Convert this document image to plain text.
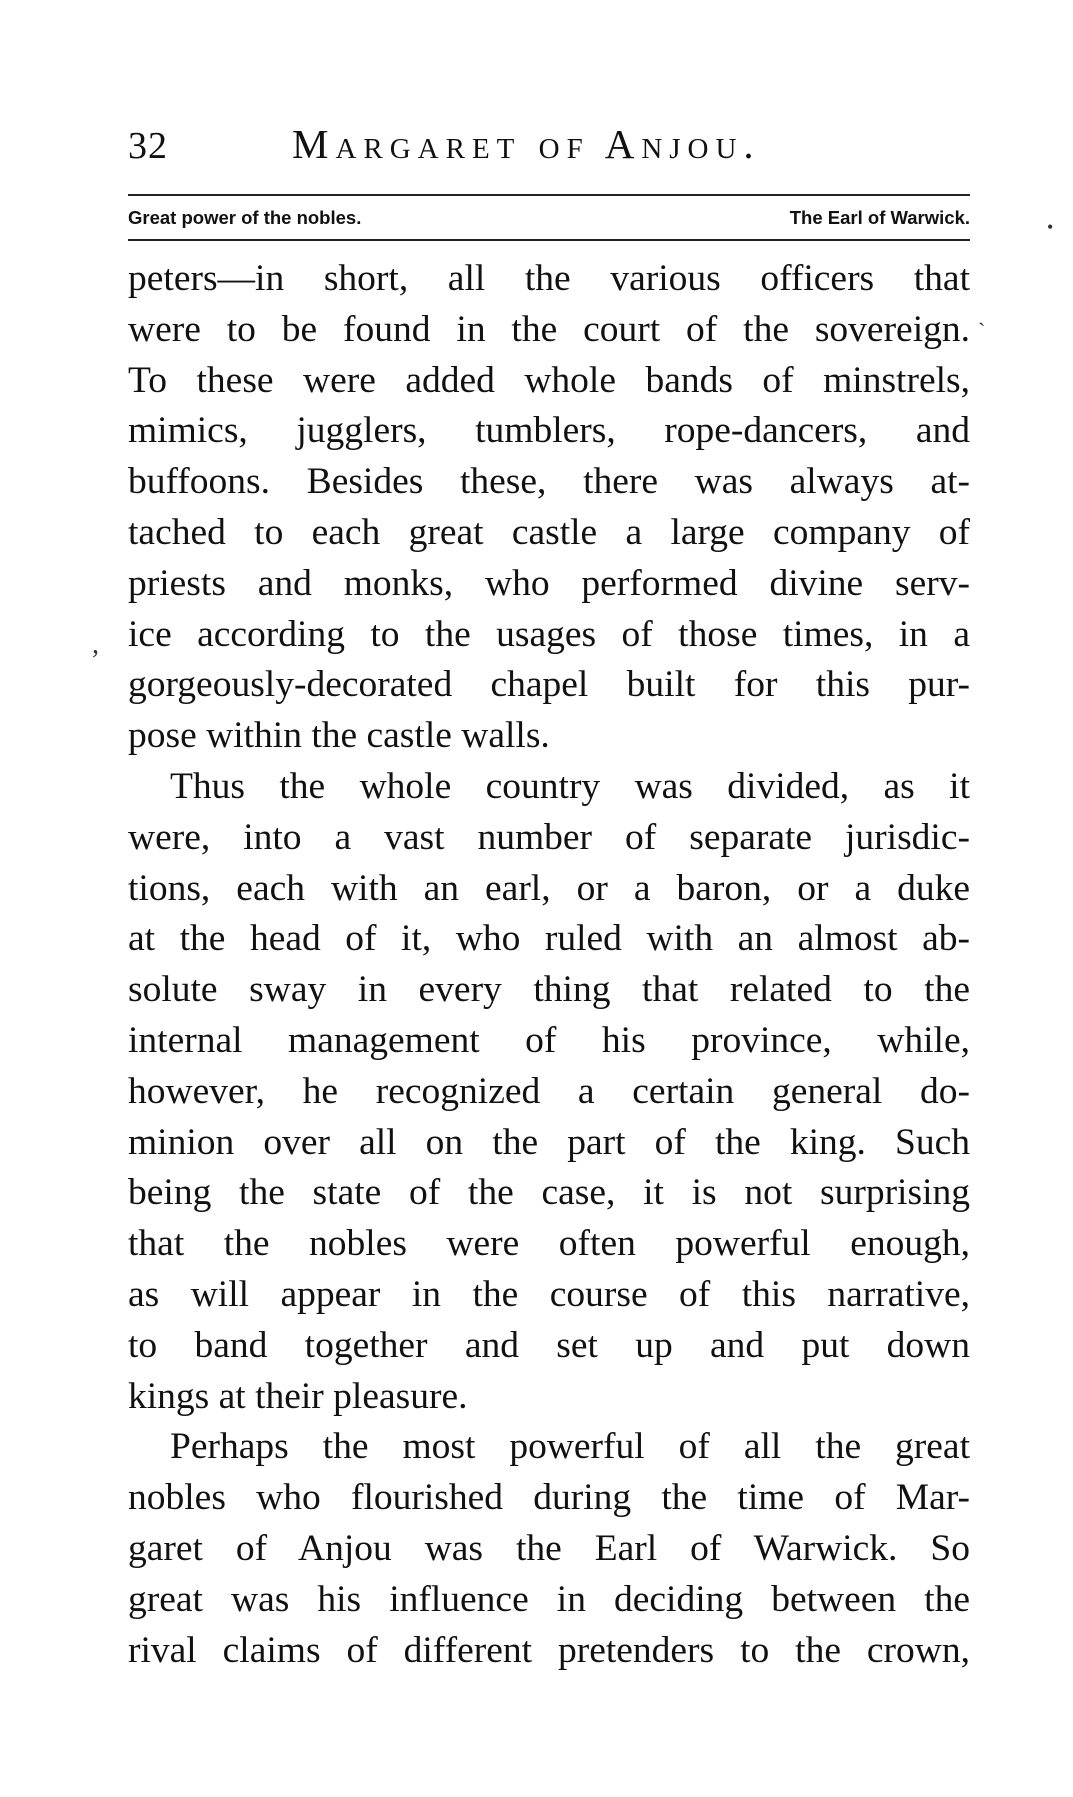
32	Margaret of Anjou.
Great power of the nobles.	The Earl of Warwick.

peters—in short, all the various officers that
were to be found in the court of the sovereign.
To these were added whole bands of minstrels,
mimics, jugglers, tumblers, rope-dancers, and
buffoons. Besides these, there was always at-
tached to each great castle a large company of
priests and monks, who performed divine serv-
ice according to the usages of those times, in a
gorgeously-decorated chapel built for this pur-
pose within the castle walls.

Thus the whole country was divided, as it
were, into a vast number of separate jurisdic-
tions, each with an earl, or a baron, or a duke
at the head of it, who ruled with an almost ab-
solute sway in every thing that related to the
internal management of his province, while,
however, he recognized a certain general do-
minion over all on the part of the king. Such
being the state of the case, it is not surprising
that the nobles were often powerful enough,
as will appear in the course of this narrative,
to band together and set up and put down
kings at their pleasure.

Perhaps the most powerful of all the great
nobles who flourished during the time of Mar-
garet of Anjou was the Earl of Warwick. So
great was his influence in deciding between the
rival claims of different pretenders to the crown,

•
`
,
